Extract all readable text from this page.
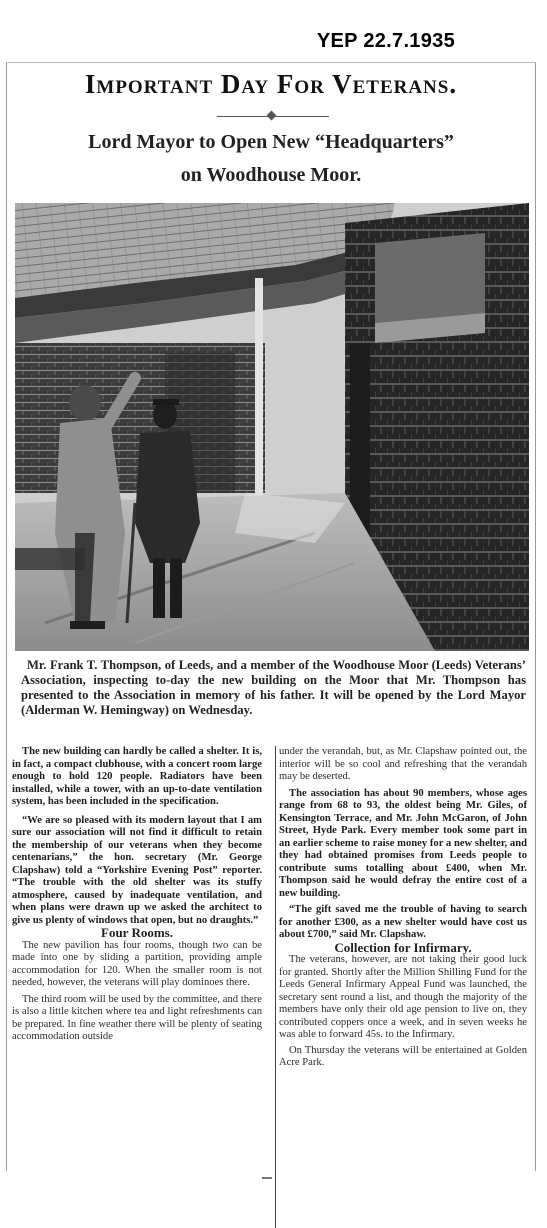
YEP 22.7.1935
Important Day For Veterans.
Lord Mayor to Open New “Headquarters”
on Woodhouse Moor.
Mr. Frank T. Thompson, of Leeds, and a member of the Woodhouse Moor (Leeds) Veterans’ Association, inspecting to-day the new building on the Moor that Mr. Thompson has presented to the Association in memory of his father. It will be opened by the Lord Mayor (Alderman W. Hemingway) on Wednesday.

The new building can hardly be called a shelter. It is, in fact, a compact clubhouse, with a concert room large enough to hold 120 people. Radiators have been installed, while a tower, with an up-to-date ventilation system, has been included in the specification.

“We are so pleased with its modern layout that I am sure our association will not find it difficult to retain the membership of our veterans when they become centenarians,” the hon. secretary (Mr. George Clapshaw) told a “Yorkshire Evening Post” reporter. “The trouble with the old shelter was its stuffy atmosphere, caused by inadequate ventilation, and when plans were drawn up we asked the architect to give us plenty of windows that open, but no draughts.”

Four Rooms.

The new pavilion has four rooms, though two can be made into one by sliding a partition, providing ample accommodation for 120. When the smaller room is not needed, however, the veterans will play dominoes there.

The third room will be used by the committee, and there is also a little kitchen where tea and light refreshments can be prepared. In fine weather there will be plenty of seating accommodation outside

under the verandah, but, as Mr. Clapshaw pointed out, the interior will be so cool and refreshing that the verandah may be deserted.

The association has about 90 members, whose ages range from 68 to 93, the oldest being Mr. Giles, of Kensington Terrace, and Mr. John McGaron, of John Street, Hyde Park. Every member took some part in an earlier scheme to raise money for a new shelter, and they had obtained promises from Leeds people to contribute sums totalling about £400, when Mr. Thompson said he would defray the entire cost of a new building.

“The gift saved me the trouble of having to search for another £300, as a new shelter would have cost us about £700,” said Mr. Clapshaw.

Collection for Infirmary.

The veterans, however, are not taking their good luck for granted. Shortly after the Million Shilling Fund for the Leeds General Infirmary Appeal Fund was launched, the secretary sent round a list, and though the majority of the members have only their old age pension to live on, they contributed coppers once a week, and in seven weeks he was able to forward 45s. to the Infirmary.

On Thursday the veterans will be entertained at Golden Acre Park.
